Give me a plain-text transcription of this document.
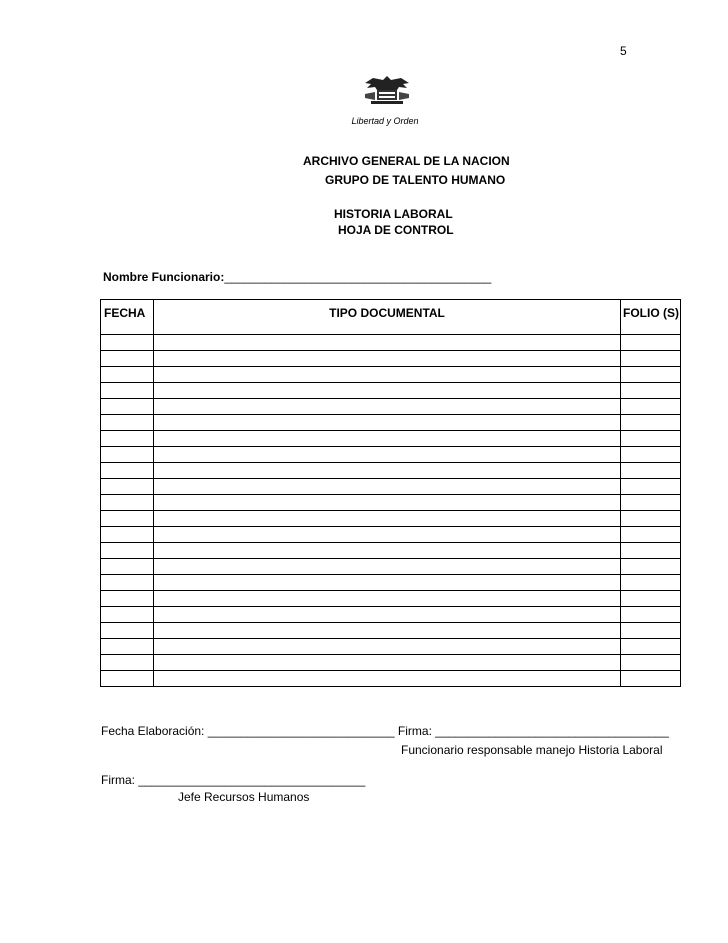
5
Libertad y Orden
ARCHIVO GENERAL DE LA NACION
GRUPO DE TALENTO HUMANO
HISTORIA LABORAL
HOJA DE CONTROL
Nombre Funcionario:________________________________________
FECHA	TIPO DOCUMENTAL	FOLIO (S)

Fecha Elaboración: ____________________________ Firma: ___________________________________
Funcionario responsable manejo Historia Laboral
Firma: __________________________________
Jefe Recursos Humanos
